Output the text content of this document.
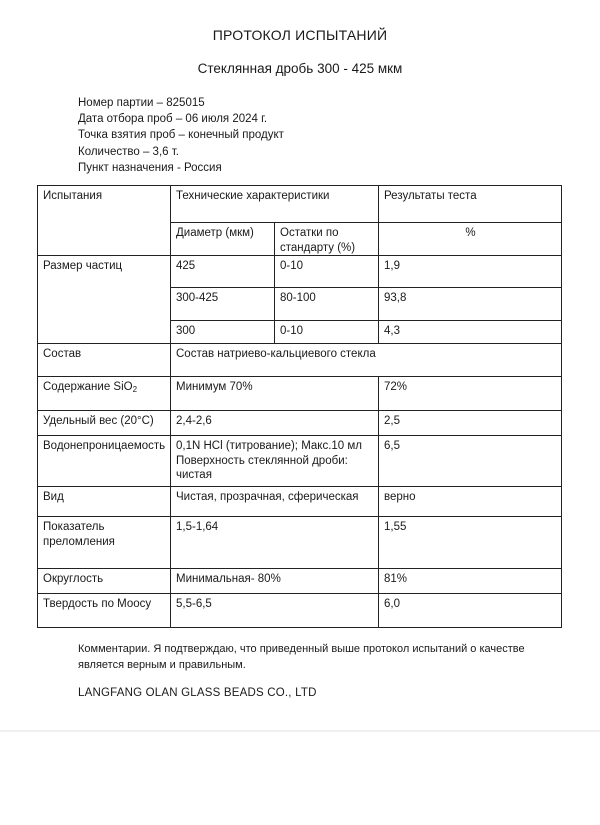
ПРОТОКОЛ ИСПЫТАНИЙ
Стеклянная дробь 300 - 425 мкм
Номер партии – 825015
Дата отбора проб – 06 июля 2024 г.
Точка взятия проб – конечный продукт
Количество – 3,6 т.
Пункт назначения - Россия
Испытания	Технические характеристики		Результаты теста
	Диаметр (мкм)	Остатки по стандарту (%)	%
Размер частиц	425	0-10	1,9
	300-425	80-100	93,8
	300	0-10	4,3
Состав	Состав натриево-кальциевого стекла		
Содержание SiO$_2$	Минимум 70%		72%
Удельный вес (20°C)	2,4-2,6		2,5
Водонепроницаемость	0,1N HCl (титрование); Макс.10 мл Поверхность стеклянной дроби: чистая		6,5
Вид	Чистая, прозрачная, сферическая		верно
Показатель преломления	1,5-1,64		1,55
Округлость	Минимальная- 80%		81%
Твердость по Моосу	5,5-6,5		6,0
Комментарии. Я подтверждаю, что приведенный выше протокол испытаний о качестве является верным и правильным.
LANGFANG OLAN GLASS BEADS CO., LTD
